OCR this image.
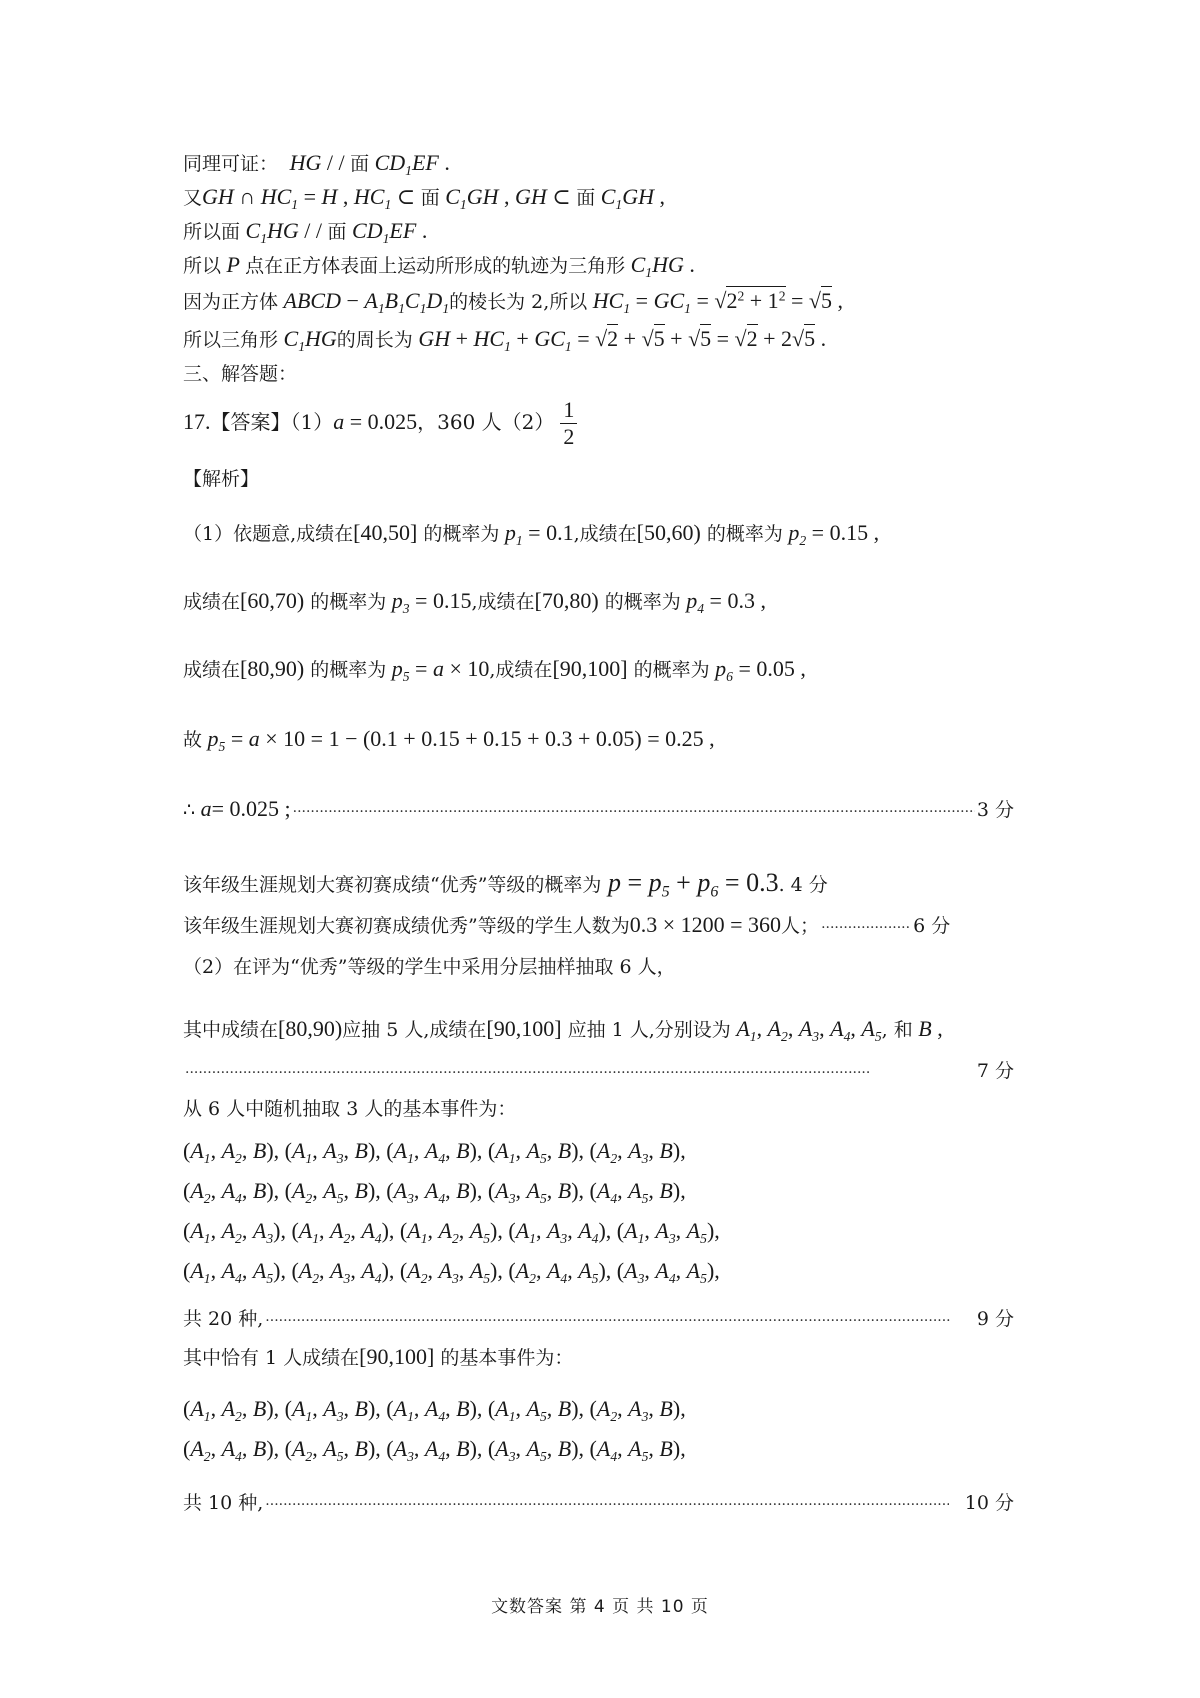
同理可证：  HG / / 面 $CD_1EF$ .
又GH ∩ $HC_1 = H$ , $HC_1$ ⊂ 面 $C_1GH$ , GH ⊂ 面 $C_1GH$ ,
所以面 $C_1HG$ / / 面 $CD_1EF$ .
所以 P 点在正方体表面上运动所形成的轨迹为三角形 $C_1HG$ .
因为正方体 ABCD − $A_1B_1C_1D_1$的棱长为 2,所以 $HC_1 = GC_1 = √2^2 + 1^2 = √5$ ,
所以三角形 $C_1HG$的周长为 GH + $HC_1 + GC_1 = √2 + √5 + √5 = √2 + 2√5$ .
三、解答题：
17.【答案】（1）a = 0.025，360 人$(2) \frac{1}{2}$
【解析】
（1）依题意,成绩在[40,50] 的概率为 $p_1 = 0.1$,成绩在[50,60) 的概率为 $p_2 = 0.15$ ,
成绩在[60,70) 的概率为 $p_3 = 0.15$,成绩在[70,80) 的概率为 $p_4 = 0.3$ ,
成绩在[80,90) 的概率为 $p_5 = a \times 10$,成绩在[90,100] 的概率为 $p_6 = 0.05$ ,
故 $p_5 = a \times 10 = 1 - (0.1 + 0.15 + 0.15 + 0.3 + 0.05) = 0.25$ ,
∴ a = 0.025 ; ·····	3 分
该年级生涯规划大赛初赛成绩“优秀”等级的概率为 $p = p_5 + p_6 = 0.3$. 4 分
该年级生涯规划大赛初赛成绩优秀”等级的学生人数为 0.3 × 1200 = 360 人； ·····	6 分
（2）在评为“优秀”等级的学生中采用分层抽样抽取 6 人，
其中成绩在[80,90)应抽 5 人,成绩在[90,100] 应抽 1 人,分别设为 $A_1$, $A_2$, $A_3$, $A_4$, $A_5$, 和 B ,
·····
7 分
从 6 人中随机抽取 3 人的基本事件为：
($A_1$, $A_2$, B), ($A_1$, $A_3$, B), ($A_1$, $A_4$, B), ($A_1$, $A_5$, B), ($A_2$, $A_3$, B),
($A_2$, $A_4$, B), ($A_2$, $A_5$, B), ($A_3$, $A_4$, B), ($A_3$, $A_5$, B), ($A_4$, $A_5$, B),
($A_1$, $A_2$, $A_3$), ($A_1$, $A_2$, $A_4$), ($A_1$, $A_2$, $A_5$), ($A_1$, $A_3$, $A_4$), ($A_1$, $A_3$, $A_5$),
($A_1$, $A_4$, $A_5$), ($A_2$, $A_3$, $A_4$), ($A_2$, $A_3$, $A_5$), ($A_2$, $A_4$, $A_5$), ($A_3$, $A_4$, $A_5$),
共 20 种, ·····	9 分
其中恰有 1 人成绩在[90,100] 的基本事件为：
($A_1$, $A_2$, B), ($A_1$, $A_3$, B), ($A_1$, $A_4$, B), ($A_1$, $A_5$, B), ($A_2$, $A_3$, B),
($A_2$, $A_4$, B), ($A_2$, $A_5$, B), ($A_3$, $A_4$, B), ($A_3$, $A_5$, B), ($A_4$, $A_5$, B),
共 10 种, ·····	10 分
文数答案 第 4 页 共 10 页
